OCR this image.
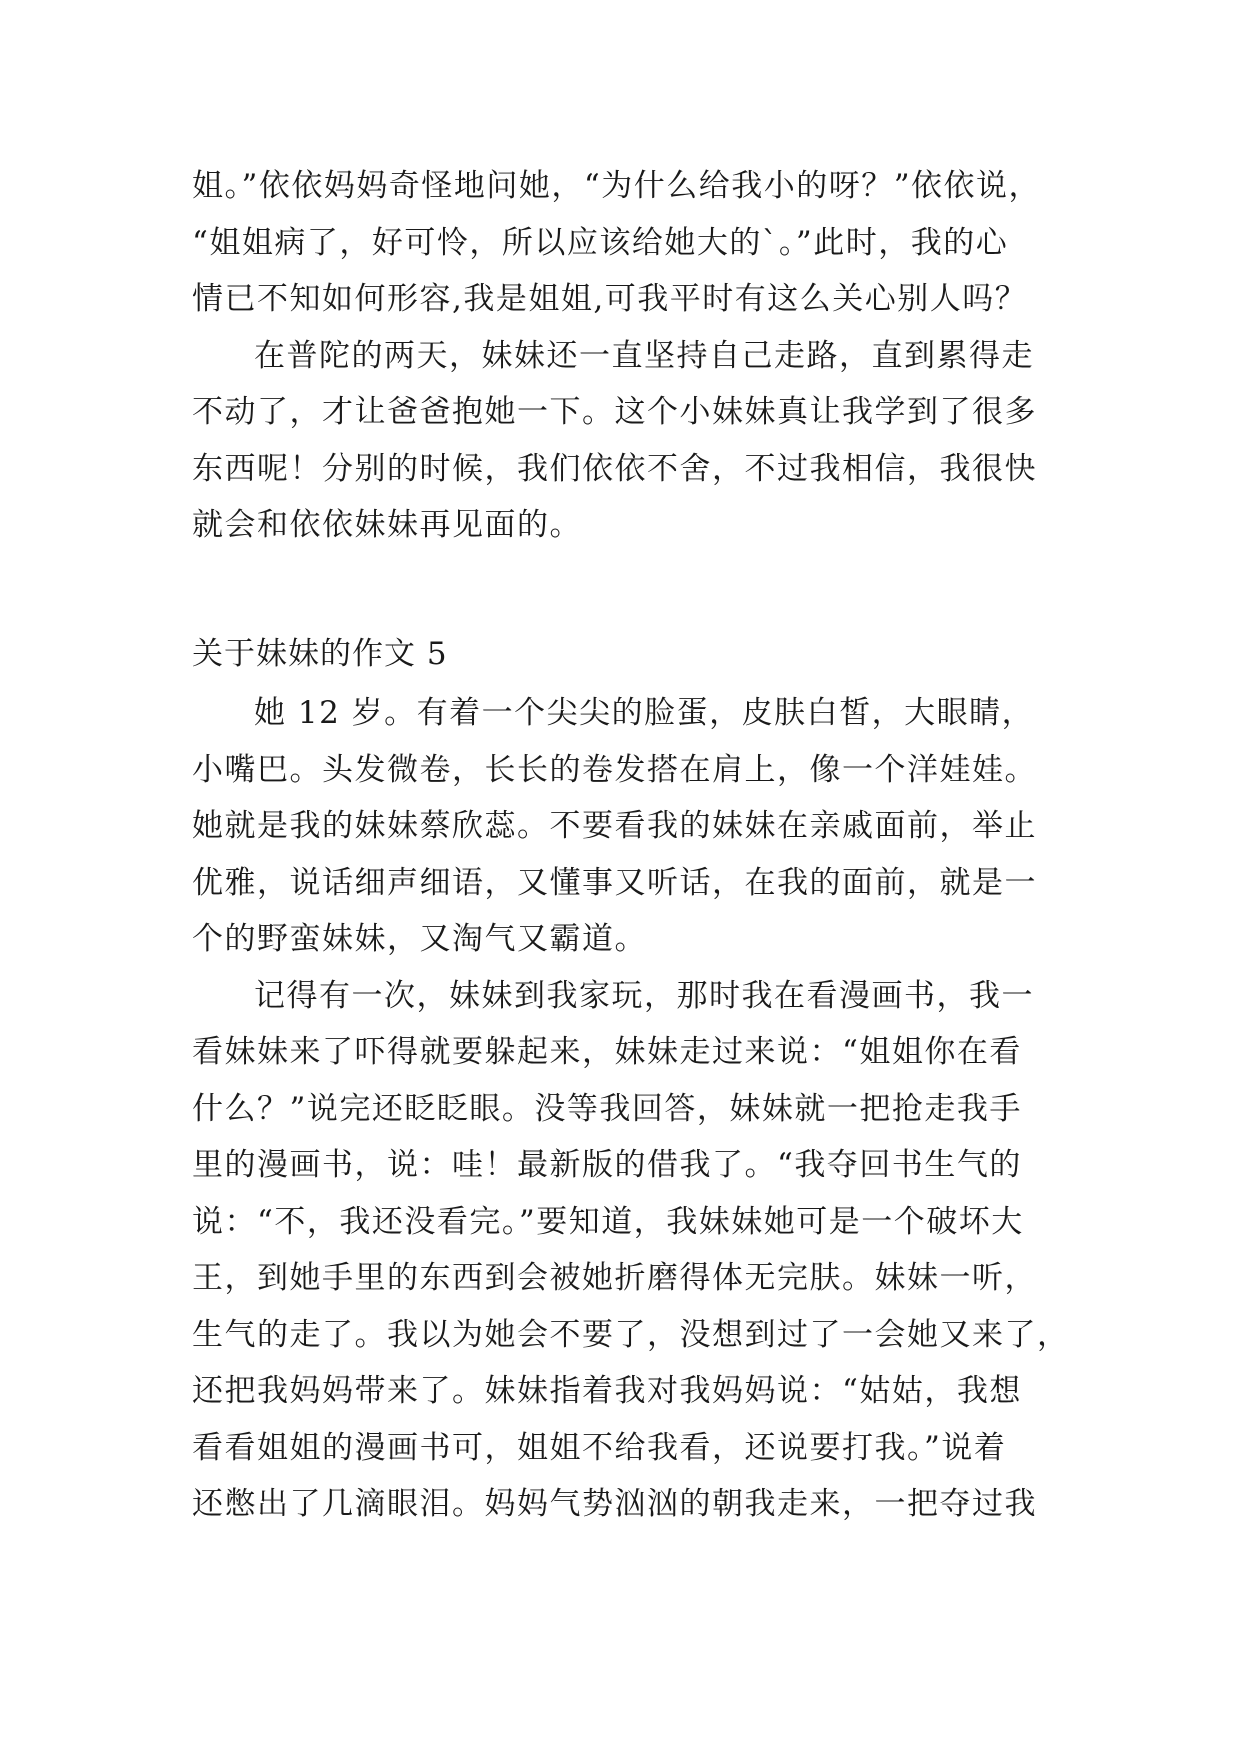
姐。”依依妈妈奇怪地问她，“为什么给我小的呀？”依依说，
“姐姐病了，好可怜，所以应该给她大的`。”此时，我的心
情已不知如何形容,我是姐姐,可我平时有这么关心别人吗？
在普陀的两天，妹妹还一直坚持自己走路，直到累得走
不动了，才让爸爸抱她一下。这个小妹妹真让我学到了很多
东西呢！分别的时候，我们依依不舍，不过我相信，我很快
就会和依依妹妹再见面的。
关于妹妹的作文 5
她 12 岁。有着一个尖尖的脸蛋，皮肤白皙，大眼睛，
小嘴巴。头发微卷，长长的卷发搭在肩上，像一个洋娃娃。
她就是我的妹妹蔡欣蕊。不要看我的妹妹在亲戚面前，举止
优雅，说话细声细语，又懂事又听话，在我的面前，就是一
个的野蛮妹妹，又淘气又霸道。
记得有一次，妹妹到我家玩，那时我在看漫画书，我一
看妹妹来了吓得就要躲起来，妹妹走过来说：“姐姐你在看
什么？”说完还眨眨眼。没等我回答，妹妹就一把抢走我手
里的漫画书，说：哇！最新版的借我了。“我夺回书生气的
说：“不，我还没看完。”要知道，我妹妹她可是一个破坏大
王，到她手里的东西到会被她折磨得体无完肤。妹妹一听，
生气的走了。我以为她会不要了，没想到过了一会她又来了，
还把我妈妈带来了。妹妹指着我对我妈妈说：“姑姑，我想
看看姐姐的漫画书可，姐姐不给我看，还说要打我。”说着
还憋出了几滴眼泪。妈妈气势汹汹的朝我走来，一把夺过我
